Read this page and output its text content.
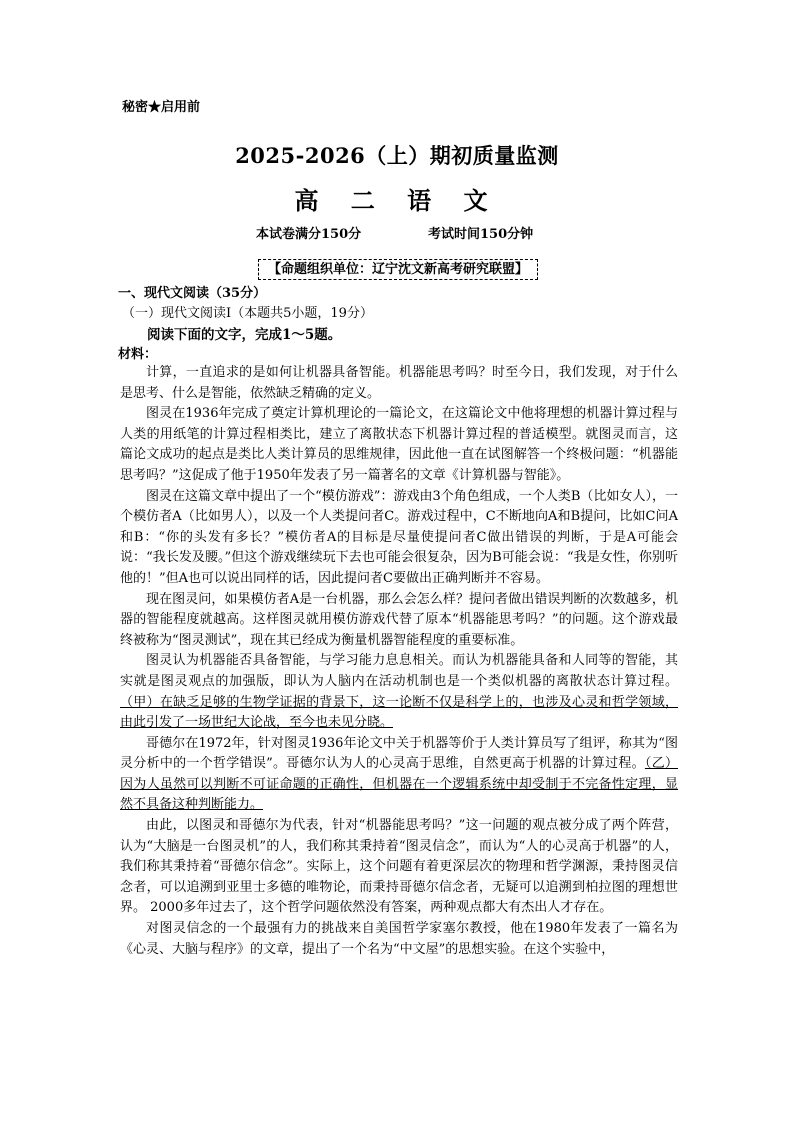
秘密★启用前
2025-2026（上）期初质量监测
高 二 语 文
本试卷满分150分	考试时间150分钟
【命题组织单位：辽宁沈文新高考研究联盟】
一、现代文阅读（35分）
（一）现代文阅读Ⅰ（本题共5小题，19分）
阅读下面的文字，完成1～5题。
材料：

计算，一直追求的是如何让机器具备智能。机器能思考吗？时至今日，我们发现，对于什么是思考、什么是智能，依然缺乏精确的定义。

图灵在1936年完成了奠定计算机理论的一篇论文，在这篇论文中他将理想的机器计算过程与人类的用纸笔的计算过程相类比，建立了离散状态下机器计算过程的普适模型。就图灵而言，这篇论文成功的起点是类比人类计算员的思维规律，因此他一直在试图解答一个终极问题：“机器能思考吗？”这促成了他于1950年发表了另一篇著名的文章《计算机器与智能》。

图灵在这篇文章中提出了一个“模仿游戏”：游戏由3个角色组成，一个人类B（比如女人），一个模仿者A（比如男人），以及一个人类提问者C。游戏过程中，C不断地向A和B提问，比如C问A和B：“你的头发有多长？”模仿者A的目标是尽量使提问者C做出错误的判断，于是A可能会说：“我长发及腰。”但这个游戏继续玩下去也可能会很复杂，因为B可能会说：“我是女性，你别听他的！”但A也可以说出同样的话，因此提问者C要做出正确判断并不容易。

现在图灵问，如果模仿者A是一台机器，那么会怎么样？提问者做出错误判断的次数越多，机器的智能程度就越高。这样图灵就用模仿游戏代替了原本“机器能思考吗？”的问题。这个游戏最终被称为“图灵测试”，现在其已经成为衡量机器智能程度的重要标准。

图灵认为机器能否具备智能，与学习能力息息相关。而认为机器能具备和人同等的智能，其实就是图灵观点的加强版，即认为人脑内在活动机制也是一个类似机器的离散状态计算过程。（甲）在缺乏足够的生物学证据的背景下，这一论断不仅是科学上的，也涉及心灵和哲学领域，由此引发了一场世纪大论战，至今也未见分晓。

哥德尔在1972年，针对图灵1936年论文中关于机器等价于人类计算员写了组评，称其为“图灵分析中的一个哲学错误”。哥德尔认为人的心灵高于思维，自然更高于机器的计算过程。（乙）因为人虽然可以判断不可证命题的正确性，但机器在一个逻辑系统中却受制于不完备性定理，显然不具备这种判断能力。

由此，以图灵和哥德尔为代表，针对“机器能思考吗？”这一问题的观点被分成了两个阵营，认为“大脑是一台图灵机”的人，我们称其秉持着“图灵信念”，而认为“人的心灵高于机器”的人，我们称其秉持着“哥德尔信念”。实际上，这个问题有着更深层次的物理和哲学渊源，秉持图灵信念者，可以追溯到亚里士多德的唯物论，而秉持哥德尔信念者，无疑可以追溯到柏拉图的理想世界。 2000多年过去了，这个哲学问题依然没有答案，两种观点都大有杰出人才存在。

对图灵信念的一个最强有力的挑战来自美国哲学家塞尔教授，他在1980年发表了一篇名为《心灵、大脑与程序》的文章，提出了一个名为“中文屋”的思想实验。在这个实验中，
